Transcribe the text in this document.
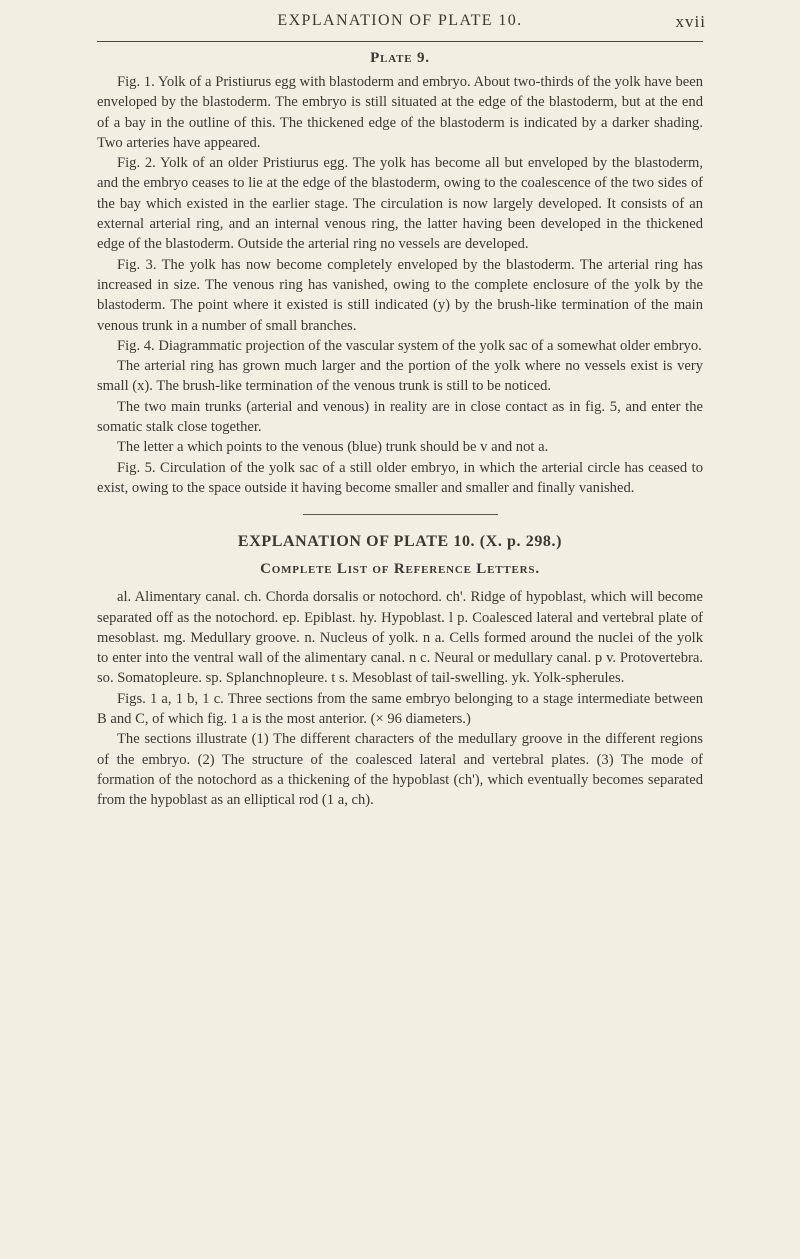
EXPLANATION OF PLATE 10.	xvii
Plate 9.

Fig. 1. Yolk of a Pristiurus egg with blastoderm and embryo. About two-thirds of the yolk have been enveloped by the blastoderm. The embryo is still situated at the edge of the blastoderm, but at the end of a bay in the outline of this. The thickened edge of the blastoderm is indicated by a darker shading. Two arteries have appeared.

Fig. 2. Yolk of an older Pristiurus egg. The yolk has become all but enveloped by the blastoderm, and the embryo ceases to lie at the edge of the blastoderm, owing to the coalescence of the two sides of the bay which existed in the earlier stage. The circulation is now largely developed. It consists of an external arterial ring, and an internal venous ring, the latter having been developed in the thickened edge of the blastoderm. Outside the arterial ring no vessels are developed.

Fig. 3. The yolk has now become completely enveloped by the blastoderm. The arterial ring has increased in size. The venous ring has vanished, owing to the complete enclosure of the yolk by the blastoderm. The point where it existed is still indicated (y) by the brush-like termination of the main venous trunk in a number of small branches.

Fig. 4. Diagrammatic projection of the vascular system of the yolk sac of a somewhat older embryo.

The arterial ring has grown much larger and the portion of the yolk where no vessels exist is very small (x). The brush-like termination of the venous trunk is still to be noticed.

The two main trunks (arterial and venous) in reality are in close contact as in fig. 5, and enter the somatic stalk close together.

The letter a which points to the venous (blue) trunk should be v and not a.

Fig. 5. Circulation of the yolk sac of a still older embryo, in which the arterial circle has ceased to exist, owing to the space outside it having become smaller and smaller and finally vanished.

EXPLANATION OF PLATE 10. (X. p. 298.)
Complete List of Reference Letters.

al. Alimentary canal. ch. Chorda dorsalis or notochord. ch'. Ridge of hypoblast, which will become separated off as the notochord. ep. Epiblast. hy. Hypoblast. l p. Coalesced lateral and vertebral plate of mesoblast. mg. Medullary groove. n. Nucleus of yolk. n a. Cells formed around the nuclei of the yolk to enter into the ventral wall of the alimentary canal. n c. Neural or medullary canal. p v. Protovertebra. so. Somatopleure. sp. Splanchnopleure. t s. Mesoblast of tail-swelling. yk. Yolk-spherules.

Figs. 1 a, 1 b, 1 c. Three sections from the same embryo belonging to a stage intermediate between B and C, of which fig. 1 a is the most anterior. (× 96 diameters.)

The sections illustrate (1) The different characters of the medullary groove in the different regions of the embryo. (2) The structure of the coalesced lateral and vertebral plates. (3) The mode of formation of the notochord as a thickening of the hypoblast (ch'), which eventually becomes separated from the hypoblast as an elliptical rod (1 a, ch).
